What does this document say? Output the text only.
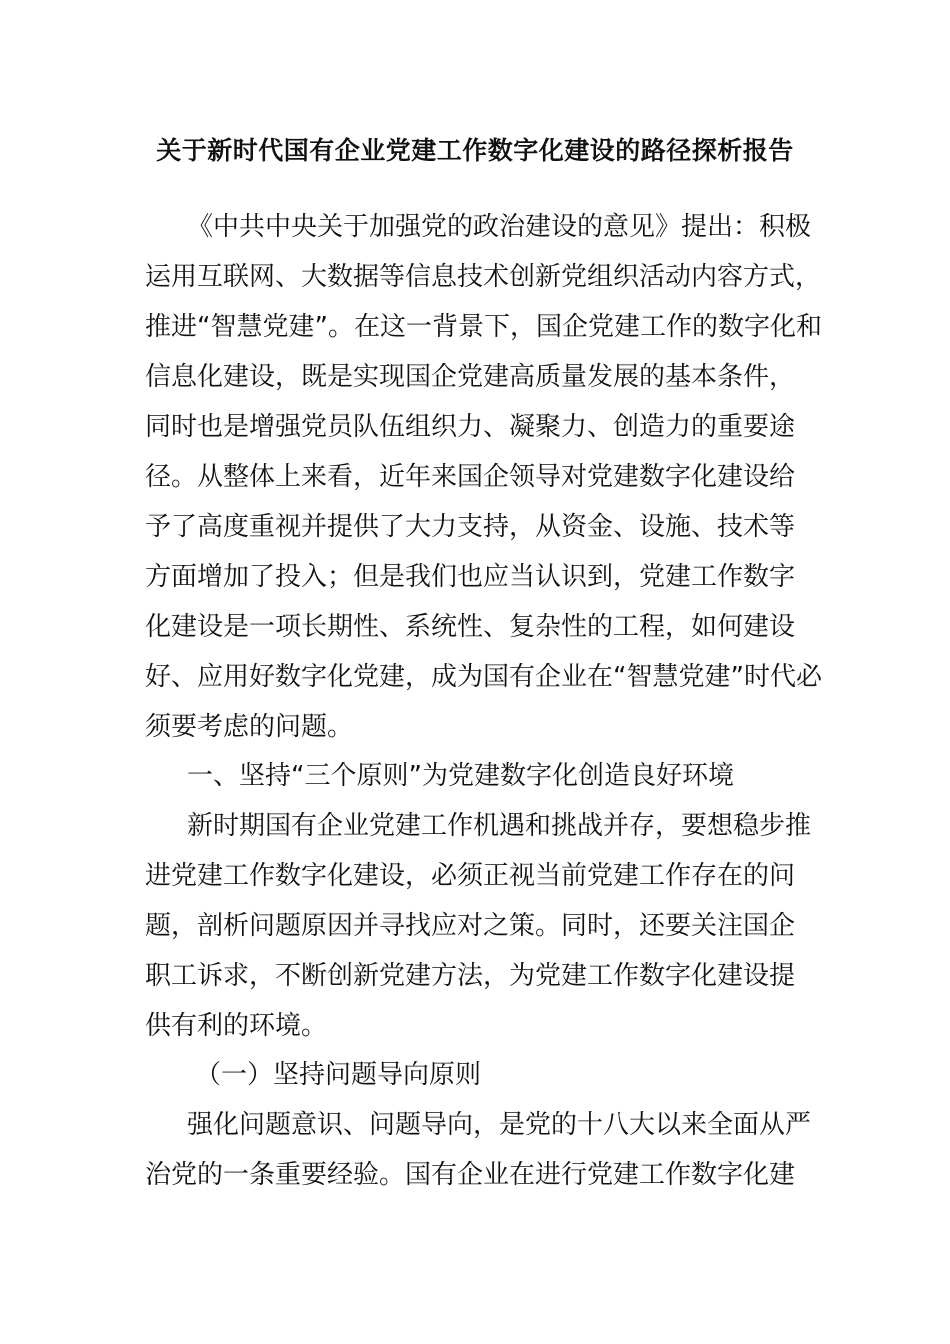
关于新时代国有企业党建工作数字化建设的路径探析报告

《中共中央关于加强党的政治建设的意见》提出：积极

运用互联网、大数据等信息技术创新党组织活动内容方式，

推进“智慧党建”。在这一背景下，国企党建工作的数字化和

信息化建设，既是实现国企党建高质量发展的基本条件，

同时也是增强党员队伍组织力、凝聚力、创造力的重要途

径。从整体上来看，近年来国企领导对党建数字化建设给

予了高度重视并提供了大力支持，从资金、设施、技术等

方面增加了投入；但是我们也应当认识到，党建工作数字

化建设是一项长期性、系统性、复杂性的工程，如何建设

好、应用好数字化党建，成为国有企业在“智慧党建”时代必

须要考虑的问题。

一、坚持“三个原则”为党建数字化创造良好环境

新时期国有企业党建工作机遇和挑战并存，要想稳步推

进党建工作数字化建设，必须正视当前党建工作存在的问

题，剖析问题原因并寻找应对之策。同时，还要关注国企

职工诉求，不断创新党建方法，为党建工作数字化建设提

供有利的环境。

（一）坚持问题导向原则

强化问题意识、问题导向，是党的十八大以来全面从严

治党的一条重要经验。国有企业在进行党建工作数字化建
